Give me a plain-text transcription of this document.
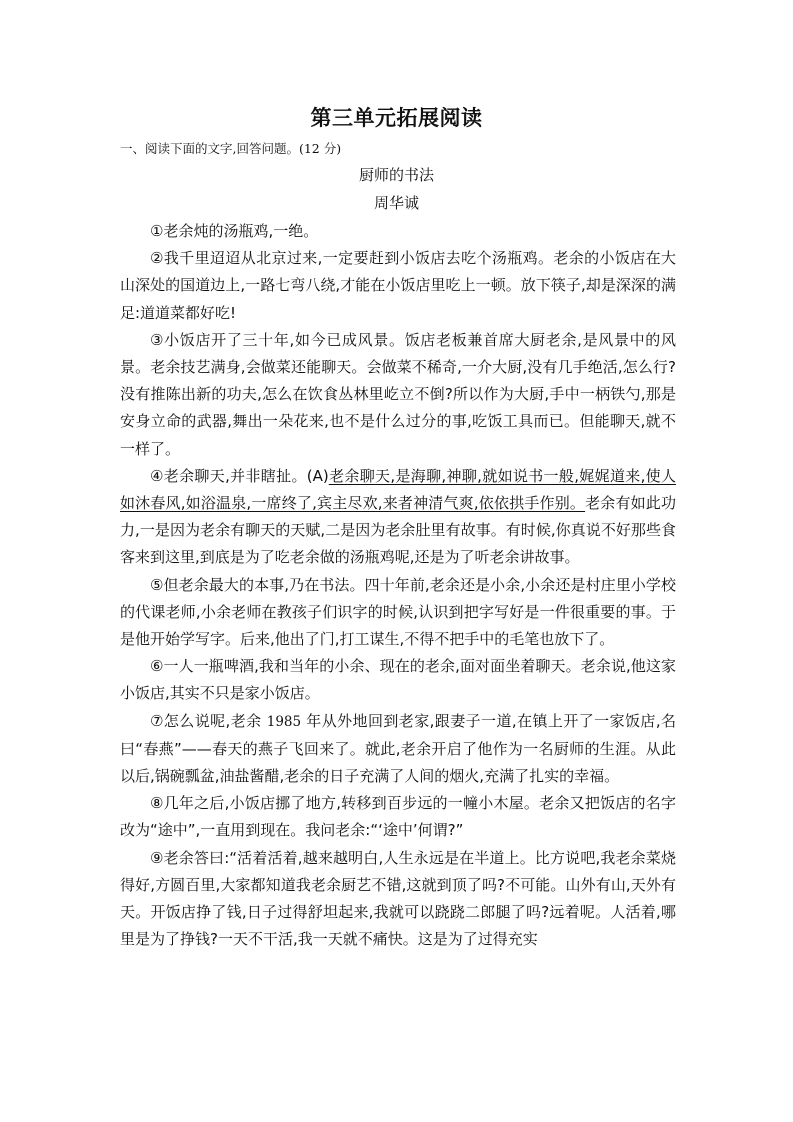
第三单元拓展阅读
一、阅读下面的文字,回答问题。(12 分)
厨师的书法
周华诚

①老余炖的汤瓶鸡,一绝。

②我千里迢迢从北京过来,一定要赶到小饭店去吃个汤瓶鸡。老余的小饭店在大山深处的国道边上,一路七弯八绕,才能在小饭店里吃上一顿。放下筷子,却是深深的满足:道道菜都好吃!

③小饭店开了三十年,如今已成风景。饭店老板兼首席大厨老余,是风景中的风景。老余技艺满身,会做菜还能聊天。会做菜不稀奇,一介大厨,没有几手绝活,怎么行?没有推陈出新的功夫,怎么在饮食丛林里屹立不倒?所以作为大厨,手中一柄铁勺,那是安身立命的武器,舞出一朵花来,也不是什么过分的事,吃饭工具而已。但能聊天,就不一样了。

④老余聊天,并非瞎扯。(A)老余聊天,是海聊,神聊,就如说书一般,娓娓道来,使人如沐春风,如浴温泉,一席终了,宾主尽欢,来者神清气爽,依依拱手作别。老余有如此功力,一是因为老余有聊天的天赋,二是因为老余肚里有故事。有时候,你真说不好那些食客来到这里,到底是为了吃老余做的汤瓶鸡呢,还是为了听老余讲故事。

⑤但老余最大的本事,乃在书法。四十年前,老余还是小余,小余还是村庄里小学校的代课老师,小余老师在教孩子们识字的时候,认识到把字写好是一件很重要的事。于是他开始学写字。后来,他出了门,打工谋生,不得不把手中的毛笔也放下了。

⑥一人一瓶啤酒,我和当年的小余、现在的老余,面对面坐着聊天。老余说,他这家小饭店,其实不只是家小饭店。

⑦怎么说呢,老余 1985 年从外地回到老家,跟妻子一道,在镇上开了一家饭店,名曰“春燕”——春天的燕子飞回来了。就此,老余开启了他作为一名厨师的生涯。从此以后,锅碗瓢盆,油盐酱醋,老余的日子充满了人间的烟火,充满了扎实的幸福。

⑧几年之后,小饭店挪了地方,转移到百步远的一幢小木屋。老余又把饭店的名字改为“途中”,一直用到现在。我问老余:“‘途中’何谓?”

⑨老余答曰:“活着活着,越来越明白,人生永远是在半道上。比方说吧,我老余菜烧得好,方圆百里,大家都知道我老余厨艺不错,这就到顶了吗?不可能。山外有山,天外有天。开饭店挣了钱,日子过得舒坦起来,我就可以跷跷二郎腿了吗?远着呢。人活着,哪里是为了挣钱?一天不干活,我一天就不痛快。这是为了过得充实
